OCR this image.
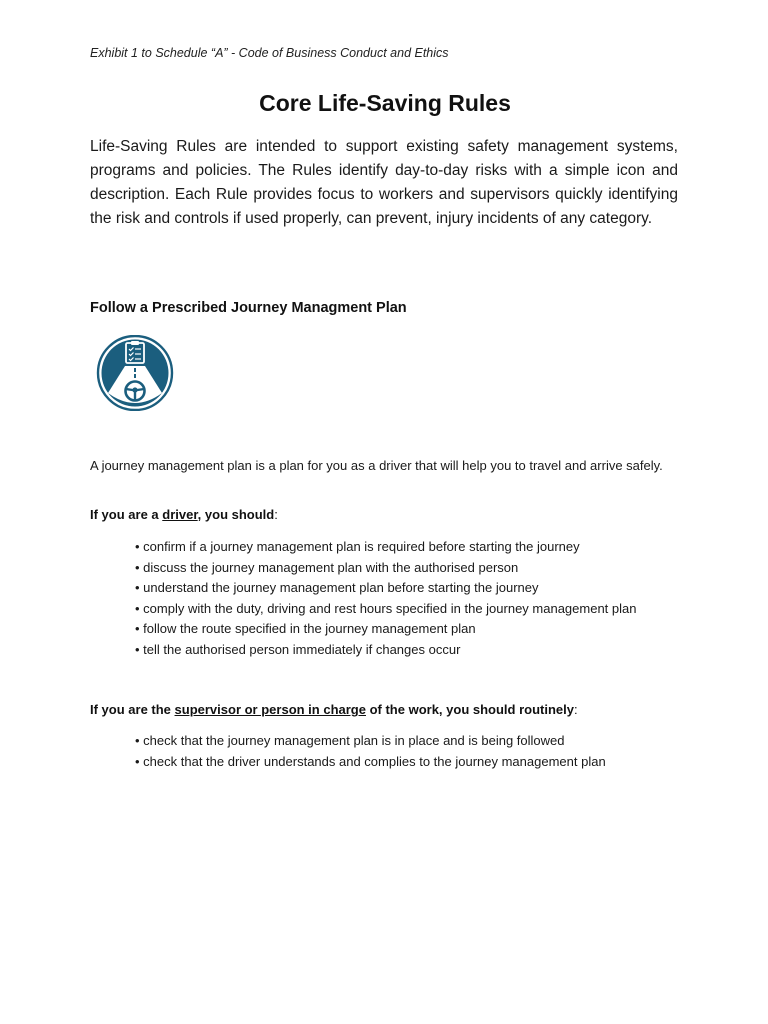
Exhibit 1 to Schedule “A” - Code of Business Conduct and Ethics
Core Life-Saving Rules
Life-Saving Rules are intended to support existing safety management systems, programs and policies. The Rules identify day-to-day risks with a simple icon and description. Each Rule provides focus to workers and supervisors quickly identifying the risk and controls if used properly, can prevent, injury incidents of any category.
Follow a Prescribed Journey Managment Plan
A journey management plan is a plan for you as a driver that will help you to travel and arrive safely.
If you are a driver, you should:
• confirm if a journey management plan is required before starting the journey
• discuss the journey management plan with the authorised person
• understand the journey management plan before starting the journey
• comply with the duty, driving and rest hours specified in the journey management plan
• follow the route specified in the journey management plan
• tell the authorised person immediately if changes occur
If you are the supervisor or person in charge of the work, you should routinely:
• check that the journey management plan is in place and is being followed
• check that the driver understands and complies to the journey management plan
